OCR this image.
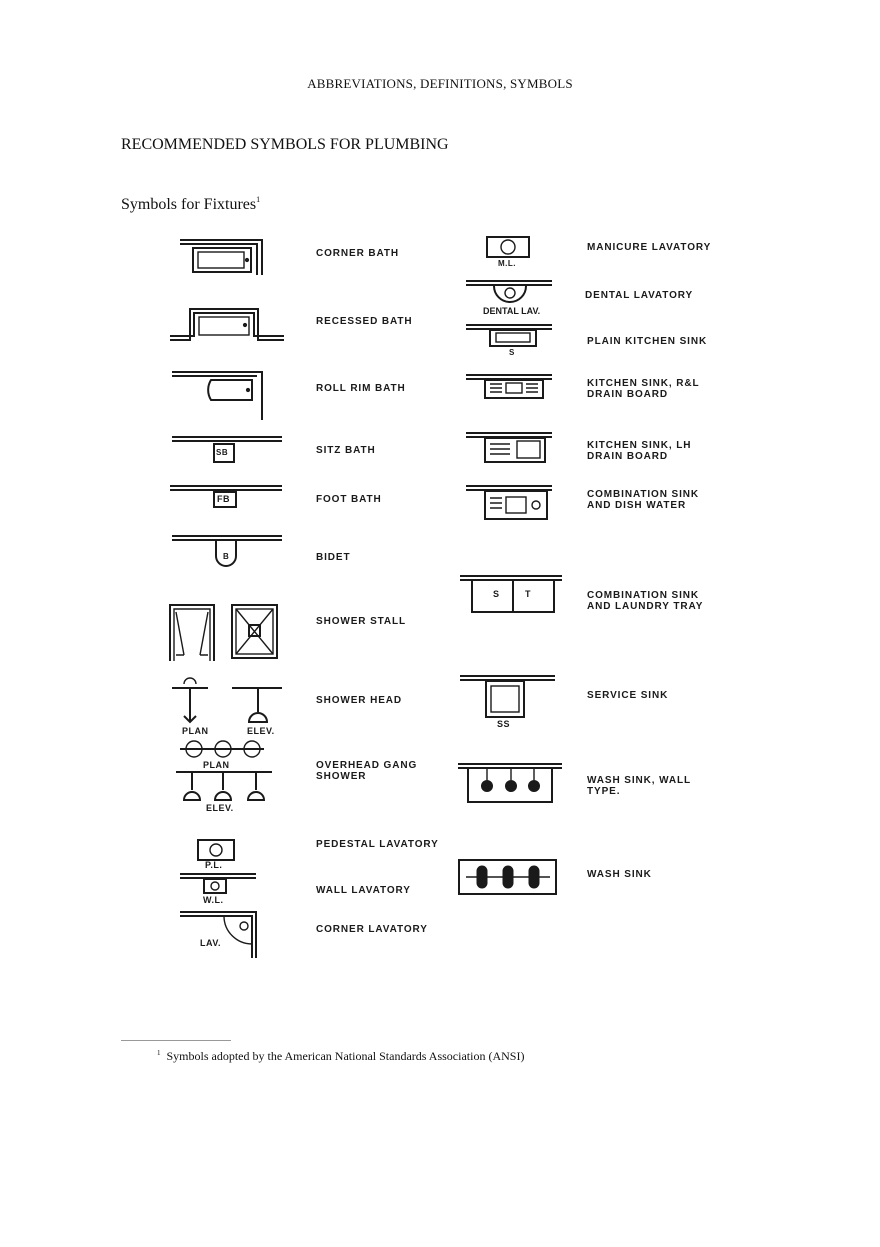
ABBREVIATIONS, DEFINITIONS, SYMBOLS
RECOMMENDED SYMBOLS FOR PLUMBING
Symbols for Fixtures$^1$
CORNER BATH
RECESSED BATH
ROLL RIM BATH
SITZ BATH
FOOT BATH
BIDET
SHOWER STALL
SHOWER HEAD
OVERHEAD GANG
SHOWER
PEDESTAL LAVATORY
WALL LAVATORY
CORNER LAVATORY
MANICURE LAVATORY
DENTAL LAVATORY
PLAIN KITCHEN SINK
KITCHEN SINK, R&L
DRAIN BOARD
KITCHEN SINK, LH
DRAIN BOARD
COMBINATION SINK
AND DISH WATER
COMBINATION SINK
AND LAUNDRY TRAY
SERVICE SINK
WASH SINK, WALL
TYPE.
WASH SINK
SB
FB
B
PLAN	ELEV.
PLAN
ELEV.
P.L.
W.L.
LAV.
M.L.
DENTAL LAV.
S
S	T
SS
$^1$ Symbols adopted by the American National Standards Association (ANSI)
